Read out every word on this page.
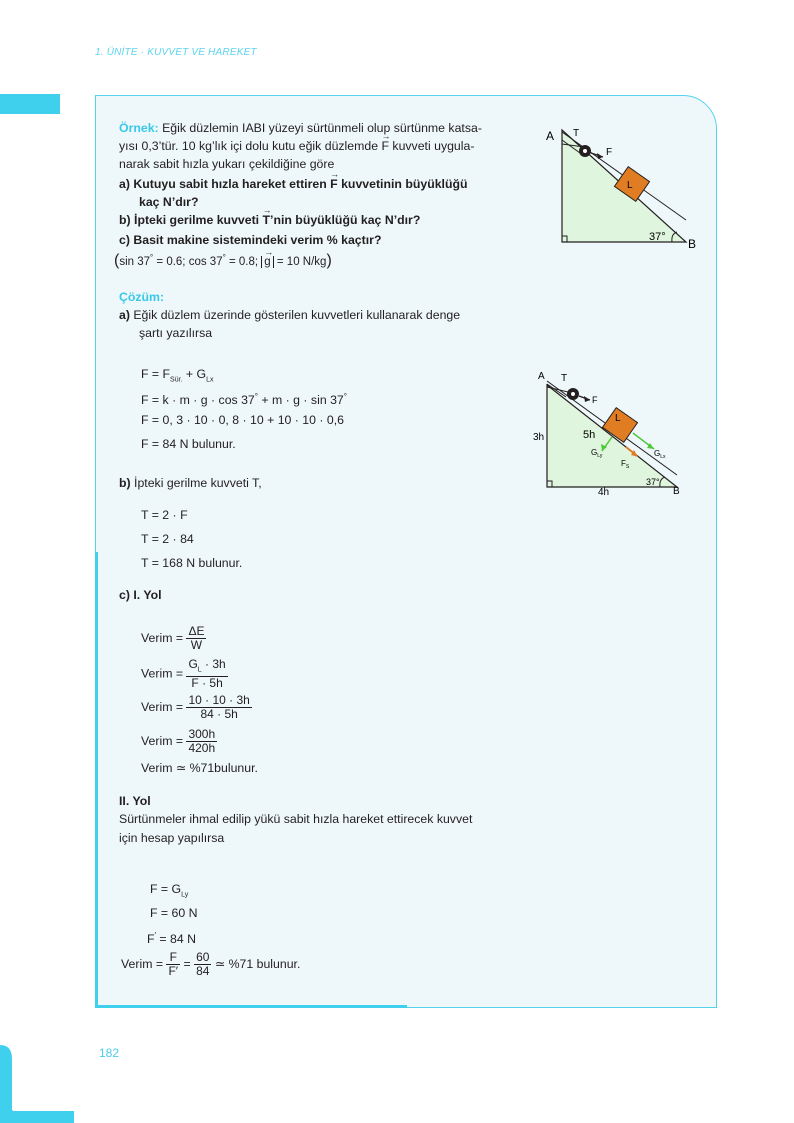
1. ÜNİTE · KUVVET VE HAREKET
182
Örnek: Eğik düzlemin IABI yüzeyi sürtünmeli olup sürtünme katsa-
yısı 0,3’tür. 10 kg’lık içi dolu kutu eğik düzlemde → F kuvveti uygula-
narak sabit hızla yukarı çekildiğine göre
a) Kutuyu sabit hızla hareket ettiren → F kuvvetinin büyüklüğü
kaç N’dır?
b) İpteki gerilme kuvveti → T’nin büyüklüğü kaç N’dır?
c) Basit makine sistemindeki verim % kaçtır?
(sin 37° = 0.6; cos 37° = 0.8; → g = 10 N/kg)
A
B
T
F
L
37°
Çözüm:
a) Eğik düzlem üzerinde gösterilen kuvvetleri kullanarak denge
şartı yazılırsa
$F = F_{Sür.} + G_{Lx}$
F = k · m · g · cos 37° + m · g · sin 37°
F = 0, 3 · 10 · 0, 8 · 10 + 10 · 10 · 0,6
F = 84 N bulunur.
A
B
T
F
L
3h	5h
4h
37°
$G_{Ly}$	$G_{Lx}$
$F_S$
b) İpteki gerilme kuvveti T,
T = 2 · F
T = 2 · 84
T = 168 N bulunur.
c) I. Yol
Verim = $\frac{\Delta E}{W}$
Verim = $\frac{G_L \cdot 3h}{F \cdot 5h}$
Verim = $\frac{10 \cdot 10 \cdot 3h}{84 \cdot 5h}$
Verim = $\frac{300h}{420h}$
Verim ≃ %71bulunur.
II. Yol
Sürtünmeler ihmal edilip yükü sabit hızla hareket ettirecek kuvvet
için hesap yapılırsa
$F = G_{Ly}$
F = 60 N
F′ = 84 N
Verim = $\frac{F}{F'} = \frac{60}{84}$ ≃ %71 bulunur.
